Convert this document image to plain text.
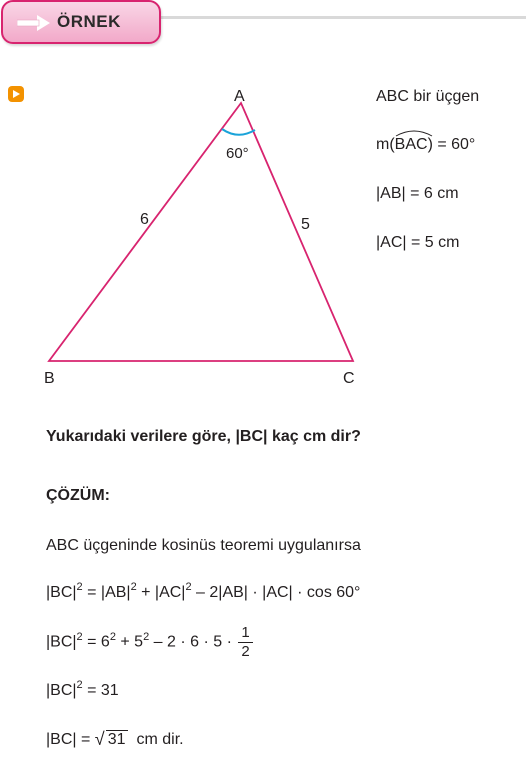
ÖRNEK
A
B	C
6	5
60°
ABC bir üçgen
m(
BAC) = 60°
|AB| = 6 cm
|AC| = 5 cm
Yukarıdaki verilere göre, |BC| kaç cm dir?
ÇÖZÜM:
ABC üçgeninde kosinüs teoremi uygulanırsa
$|BC|^2 = |AB|^2 + |AC|^2 - 2|AB| \cdot |AC| \cdot \cos 60^\circ$
$|BC|^2 = 6^2 + 5^2 - 2 \cdot 6 \cdot 5 \cdot \frac{1}{2}$
$|BC|^2 = 31$
|BC| = √ 31  cm dir.
